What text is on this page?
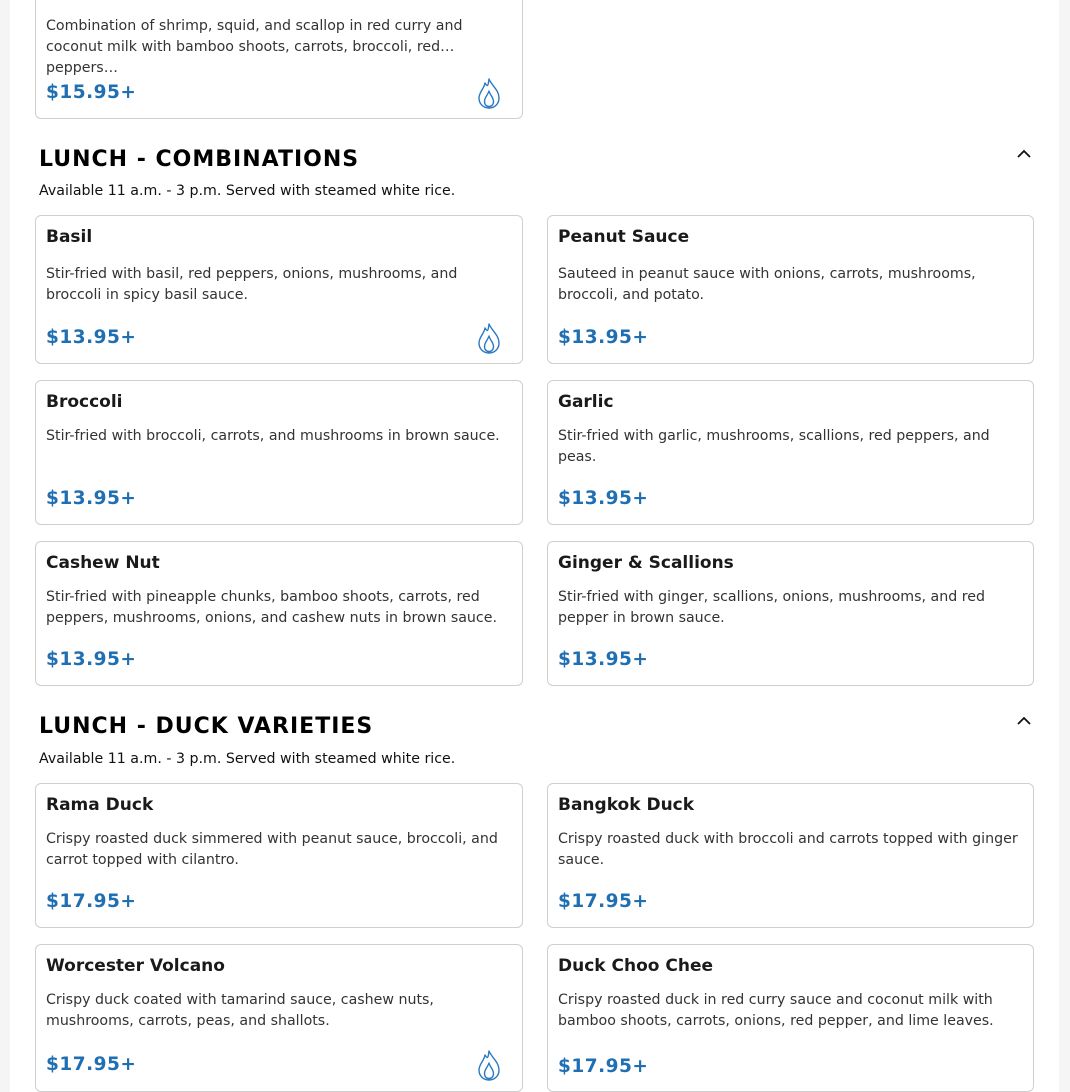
Combination of shrimp, squid, and scallop in red curry and coconut milk with bamboo shoots, carrots, broccoli, red peppers…
$15.95+
LUNCH - COMBINATIONS
Available 11 a.m. - 3 p.m. Served with steamed white rice.
Basil
Stir-fried with basil, red peppers, onions, mushrooms, and broccoli in spicy basil sauce.
$13.95+
Peanut Sauce
Sauteed in peanut sauce with onions, carrots, mushrooms, broccoli, and potato.
$13.95+
Broccoli
Stir-fried with broccoli, carrots, and mushrooms in brown sauce.
$13.95+
Garlic
Stir-fried with garlic, mushrooms, scallions, red peppers, and peas.
$13.95+
Cashew Nut
Stir-fried with pineapple chunks, bamboo shoots, carrots, red peppers, mushrooms, onions, and cashew nuts in brown sauce.
$13.95+
Ginger & Scallions
Stir-fried with ginger, scallions, onions, mushrooms, and red pepper in brown sauce.
$13.95+
LUNCH - DUCK VARIETIES
Available 11 a.m. - 3 p.m. Served with steamed white rice.
Rama Duck
Crispy roasted duck simmered with peanut sauce, broccoli, and carrot topped with cilantro.
$17.95+
Bangkok Duck
Crispy roasted duck with broccoli and carrots topped with ginger sauce.
$17.95+
Worcester Volcano
Crispy duck coated with tamarind sauce, cashew nuts, mushrooms, carrots, peas, and shallots.
$17.95+
Duck Choo Chee
Crispy roasted duck in red curry sauce and coconut milk with bamboo shoots, carrots, onions, red pepper, and lime leaves.
$17.95+
